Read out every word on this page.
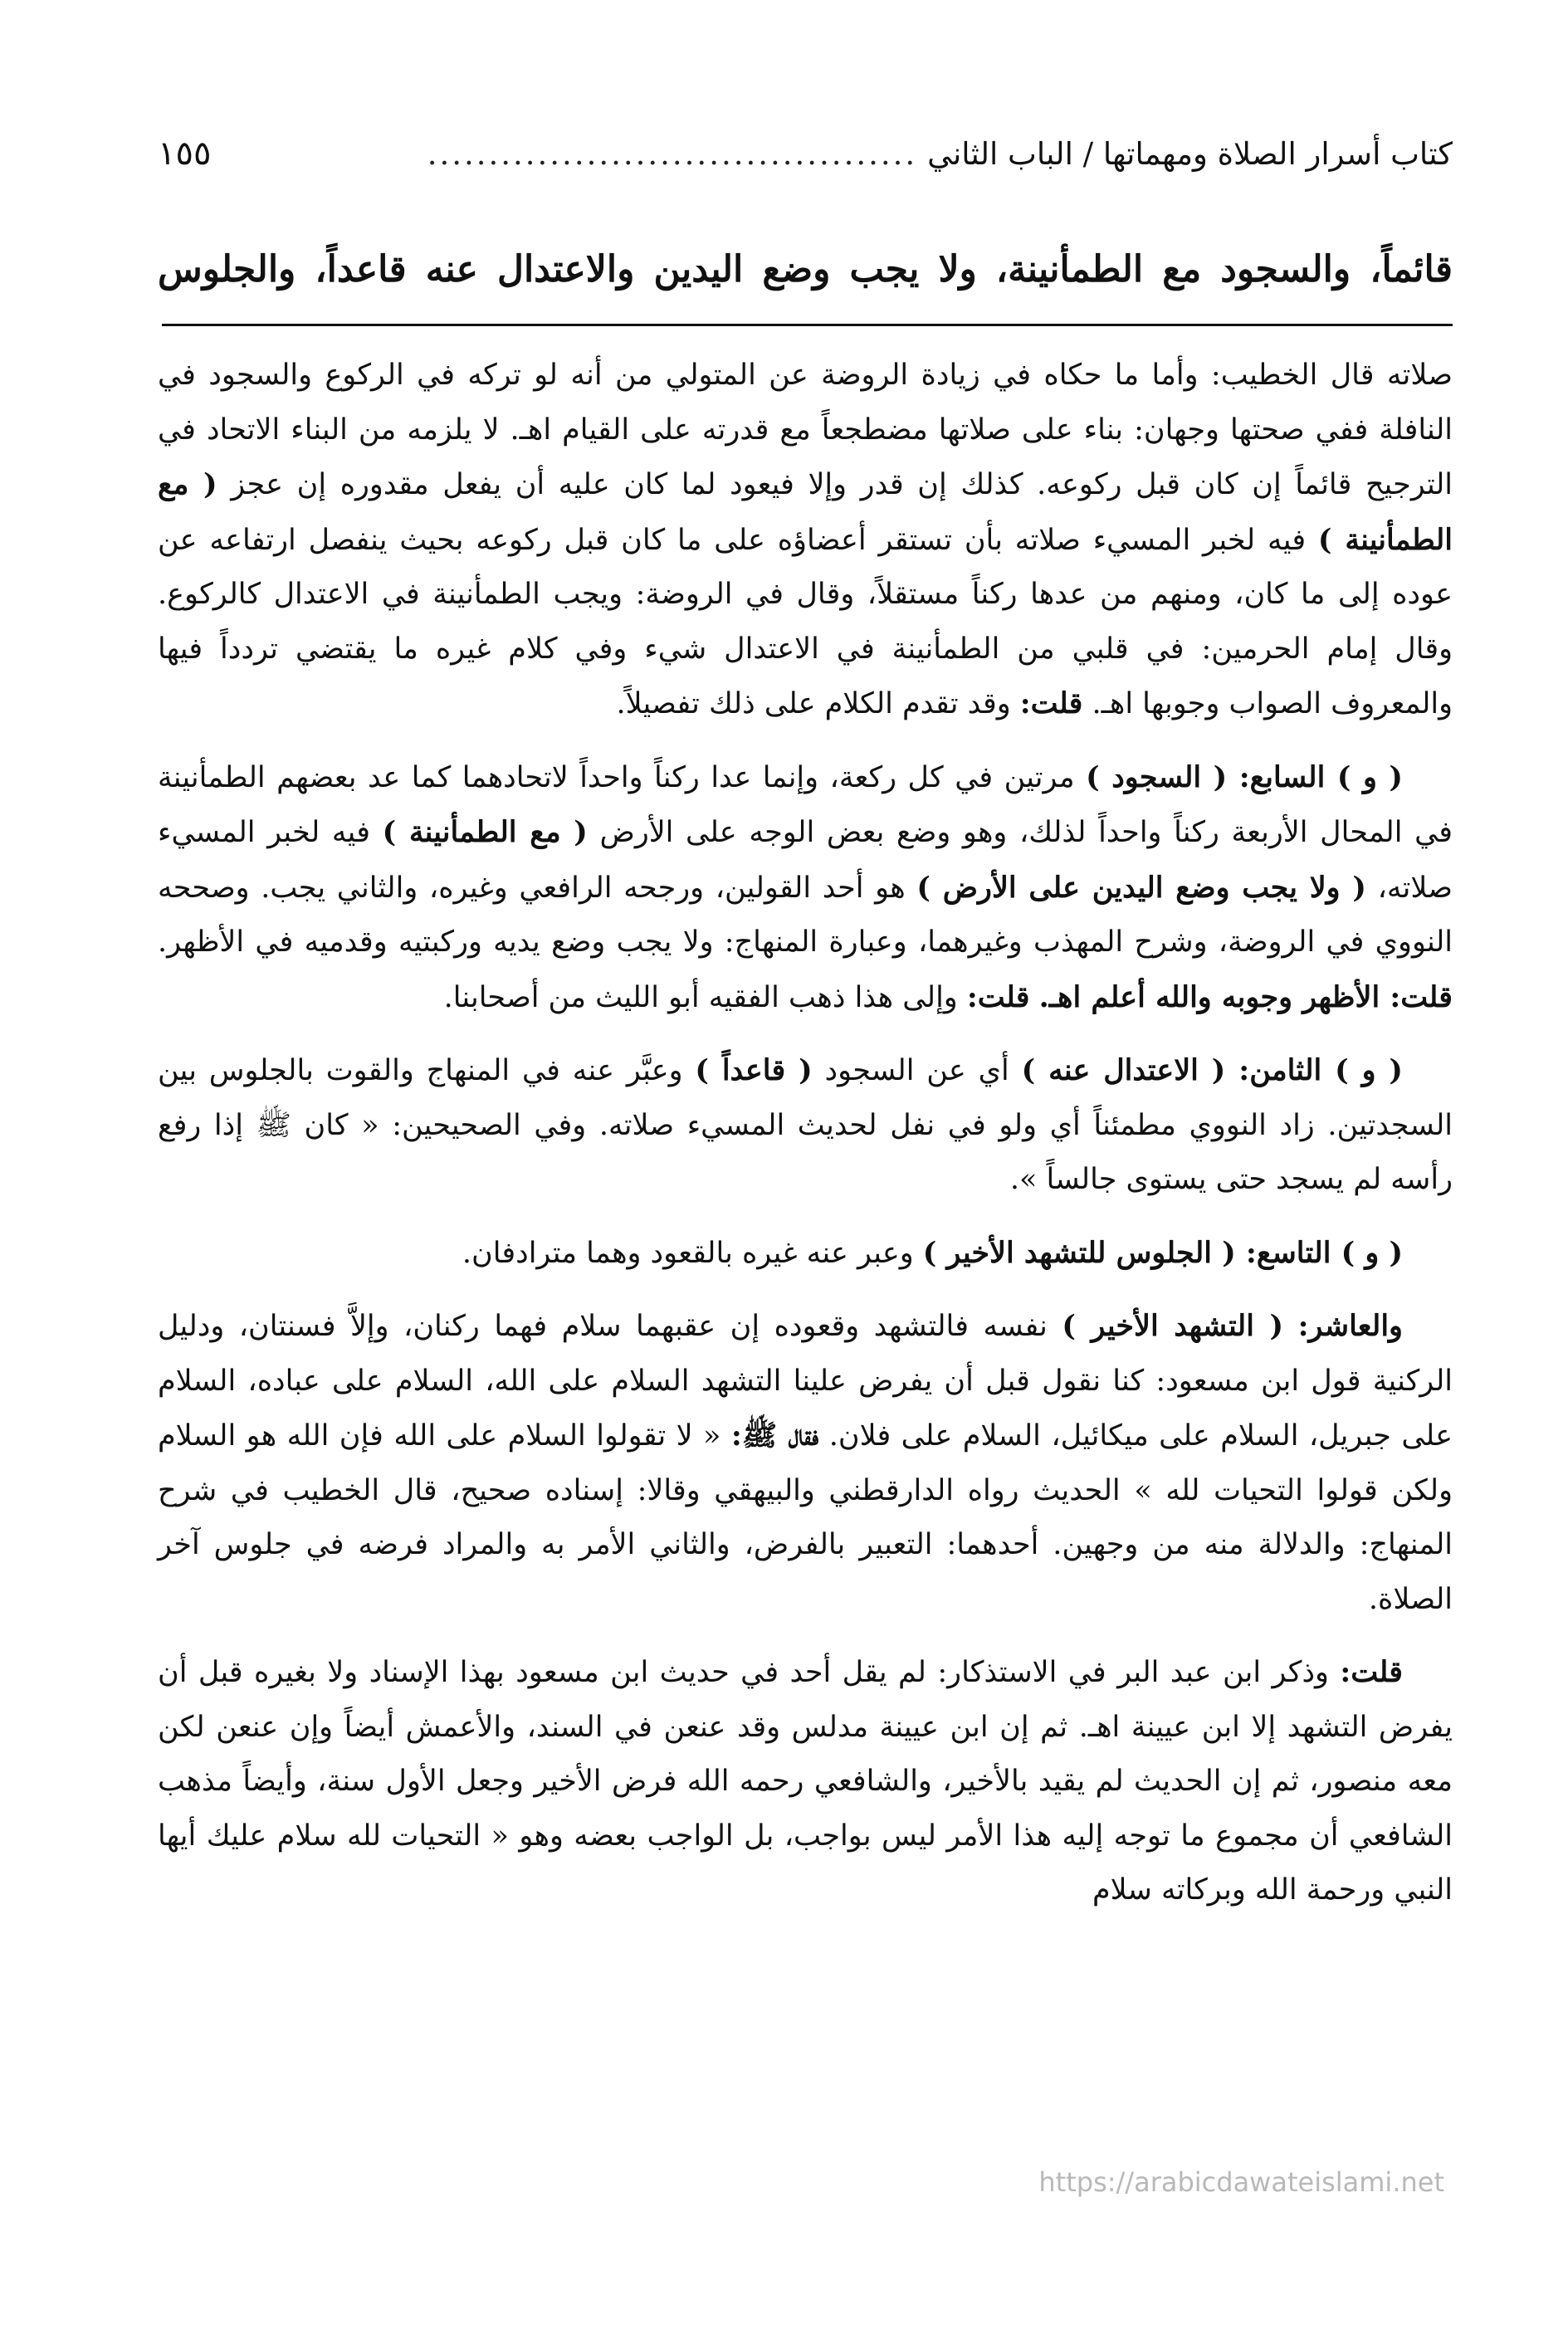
كتاب أسرار الصلاة ومهماتها / الباب الثاني
........................................
١٥٥
قائماً، والسجود مع الطمأنينة، ولا يجب وضع اليدين والاعتدال عنه قاعداً، والجلوس

صلاته قال الخطيب: وأما ما حكاه في زيادة الروضة عن المتولي من أنه لو تركه في الركوع والسجود في النافلة ففي صحتها وجهان: بناء على صلاتها مضطجعاً مع قدرته على القيام اهـ. لا يلزمه من البناء الاتحاد في الترجيح قائماً إن كان قبل ركوعه. كذلك إن قدر وإلا فيعود لما كان عليه أن يفعل مقدوره إن عجز ( مع الطمأنينة ) فيه لخبر المسيء صلاته بأن تستقر أعضاؤه على ما كان قبل ركوعه بحيث ينفصل ارتفاعه عن عوده إلى ما كان، ومنهم من عدها ركناً مستقلاً، وقال في الروضة: ويجب الطمأنينة في الاعتدال كالركوع. وقال إمام الحرمين: في قلبي من الطمأنينة في الاعتدال شيء وفي كلام غيره ما يقتضي تردداً فيها والمعروف الصواب وجوبها اهـ. قلت: وقد تقدم الكلام على ذلك تفصيلاً.

( و ) السابع: ( السجود ) مرتين في كل ركعة، وإنما عدا ركناً واحداً لاتحادهما كما عد بعضهم الطمأنينة في المحال الأربعة ركناً واحداً لذلك، وهو وضع بعض الوجه على الأرض ( مع الطمأنينة ) فيه لخبر المسيء صلاته، ( ولا يجب وضع اليدين على الأرض ) هو أحد القولين، ورجحه الرافعي وغيره، والثاني يجب. وصححه النووي في الروضة، وشرح المهذب وغيرهما، وعبارة المنهاج: ولا يجب وضع يديه وركبتيه وقدميه في الأظهر. قلت: الأظهر وجوبه والله أعلم اهـ. قلت: وإلى هذا ذهب الفقيه أبو الليث من أصحابنا.

( و ) الثامن: ( الاعتدال عنه ) أي عن السجود ( قاعداً ) وعبَّر عنه في المنهاج والقوت بالجلوس بين السجدتين. زاد النووي مطمئناً أي ولو في نفل لحديث المسيء صلاته. وفي الصحيحين: « كان ﷺ إذا رفع رأسه لم يسجد حتى يستوى جالساً ».

( و ) التاسع: ( الجلوس للتشهد الأخير ) وعبر عنه غيره بالقعود وهما مترادفان.

والعاشر: ( التشهد الأخير ) نفسه فالتشهد وقعوده إن عقبهما سلام فهما ركنان، وإلاَّ فسنتان، ودليل الركنية قول ابن مسعود: كنا نقول قبل أن يفرض علينا التشهد السلام على الله، السلام على عباده، السلام على جبريل، السلام على ميكائيل، السلام على فلان. فقال ﷺ: « لا تقولوا السلام على الله فإن الله هو السلام ولكن قولوا التحيات لله » الحديث رواه الدارقطني والبيهقي وقالا: إسناده صحيح، قال الخطيب في شرح المنهاج: والدلالة منه من وجهين. أحدهما: التعبير بالفرض، والثاني الأمر به والمراد فرضه في جلوس آخر الصلاة.

قلت: وذكر ابن عبد البر في الاستذكار: لم يقل أحد في حديث ابن مسعود بهذا الإسناد ولا بغيره قبل أن يفرض التشهد إلا ابن عيينة اهـ. ثم إن ابن عيينة مدلس وقد عنعن في السند، والأعمش أيضاً وإن عنعن لكن معه منصور، ثم إن الحديث لم يقيد بالأخير، والشافعي رحمه الله فرض الأخير وجعل الأول سنة، وأيضاً مذهب الشافعي أن مجموع ما توجه إليه هذا الأمر ليس بواجب، بل الواجب بعضه وهو « التحيات لله سلام عليك أيها النبي ورحمة الله وبركاته سلام

https://arabicdawateislami.net
